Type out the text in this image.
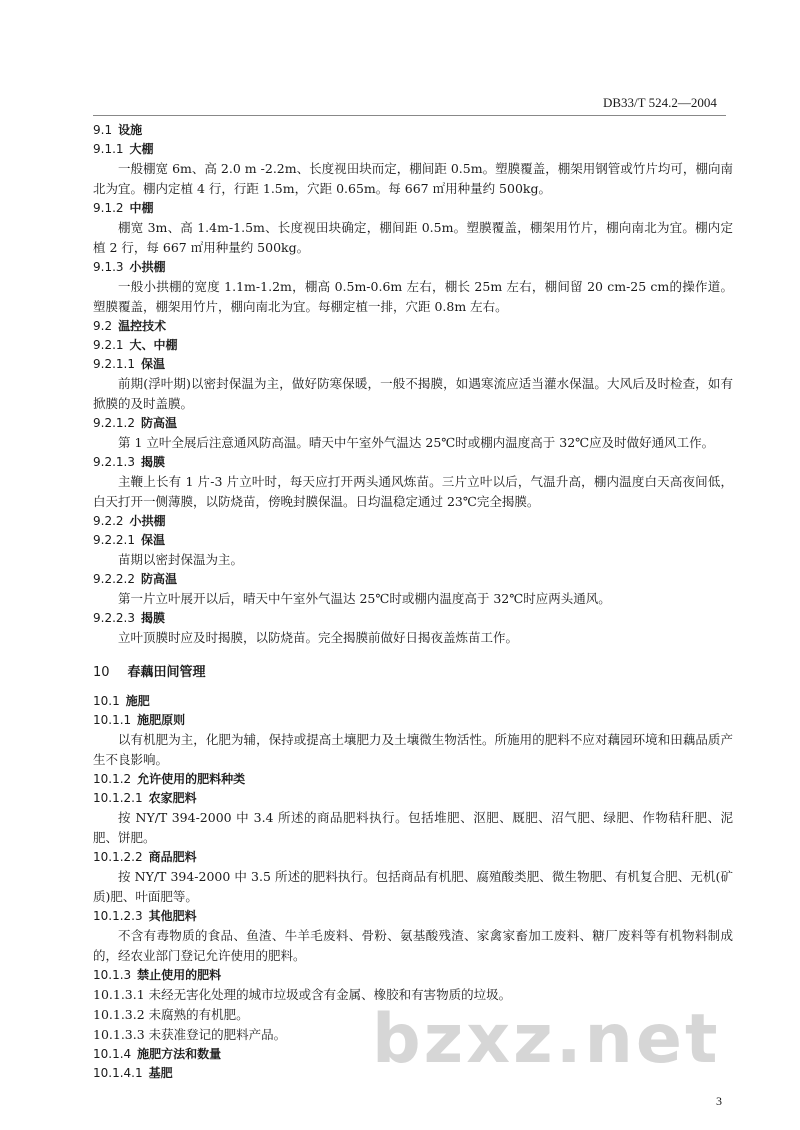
DB33/T 524.2—2004
9.1 设施
9.1.1 大棚

一般棚宽 6m、高 2.0 m -2.2m、长度视田块而定，棚间距 0.5m。塑膜覆盖，棚架用钢管或竹片均可，棚向南北为宜。棚内定植 4 行，行距 1.5m，穴距 0.65m。每 667 ㎡用种量约 500kg。

9.1.2 中棚

棚宽 3m、高 1.4m-1.5m、长度视田块确定，棚间距 0.5m。塑膜覆盖，棚架用竹片，棚向南北为宜。棚内定植 2 行，每 667 ㎡用种量约 500kg。

9.1.3 小拱棚

一般小拱棚的宽度 1.1m-1.2m，棚高 0.5m-0.6m 左右，棚长 25m 左右，棚间留 20 cm-25 cm的操作道。塑膜覆盖，棚架用竹片，棚向南北为宜。每棚定植一排，穴距 0.8m 左右。

9.2 温控技术
9.2.1 大、中棚
9.2.1.1 保温

前期(浮叶期)以密封保温为主，做好防寒保暖，一般不揭膜，如遇寒流应适当灌水保温。大风后及时检查，如有掀膜的及时盖膜。

9.2.1.2 防高温

第 1 立叶全展后注意通风防高温。晴天中午室外气温达 25℃时或棚内温度高于 32℃应及时做好通风工作。

9.2.1.3 揭膜

主鞭上长有 1 片-3 片立叶时，每天应打开两头通风炼苗。三片立叶以后，气温升高，棚内温度白天高夜间低，白天打开一侧薄膜，以防烧苗，傍晚封膜保温。日均温稳定通过 23℃完全揭膜。

9.2.2 小拱棚
9.2.2.1 保温

苗期以密封保温为主。

9.2.2.2 防高温

第一片立叶展开以后，晴天中午室外气温达 25℃时或棚内温度高于 32℃时应两头通风。

9.2.2.3 揭膜

立叶顶膜时应及时揭膜，以防烧苗。完全揭膜前做好日揭夜盖炼苗工作。

10 春藕田间管理
10.1 施肥
10.1.1 施肥原则

以有机肥为主，化肥为辅，保持或提高土壤肥力及土壤微生物活性。所施用的肥料不应对藕园环境和田藕品质产生不良影响。

10.1.2 允许使用的肥料种类
10.1.2.1 农家肥料

按 NY/T 394-2000 中 3.4 所述的商品肥料执行。包括堆肥、沤肥、厩肥、沼气肥、绿肥、作物秸秆肥、泥肥、饼肥。

10.1.2.2 商品肥料

按 NY/T 394-2000 中 3.5 所述的肥料执行。包括商品有机肥、腐殖酸类肥、微生物肥、有机复合肥、无机(矿质)肥、叶面肥等。

10.1.2.3 其他肥料

不含有毒物质的食品、鱼渣、牛羊毛废料、骨粉、氨基酸残渣、家禽家畜加工废料、糖厂废料等有机物料制成的，经农业部门登记允许使用的肥料。

10.1.3 禁止使用的肥料
10.1.3.1 未经无害化处理的城市垃圾或含有金属、橡胶和有害物质的垃圾。
10.1.3.2 未腐熟的有机肥。
10.1.3.3 未获准登记的肥料产品。
10.1.4 施肥方法和数量
10.1.4.1 基肥	bzxz.net
3
